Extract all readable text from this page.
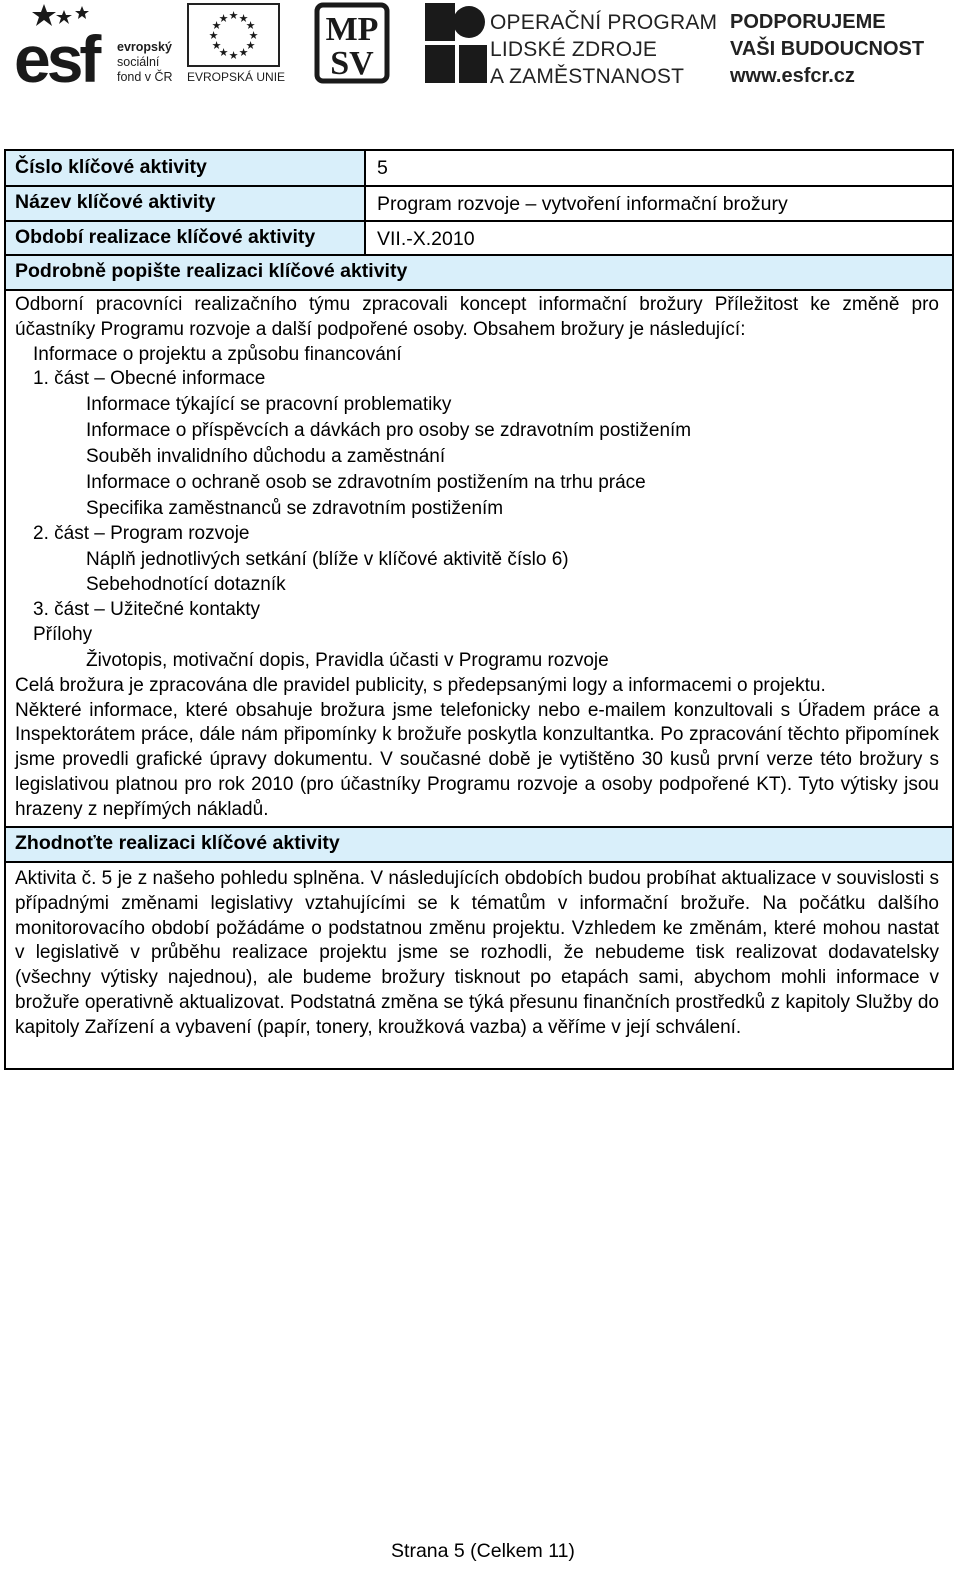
esf	evropský
sociální
fond v ČR
★ ★
★
★
★
★
★
★
★
★
★
★
EVROPSKÁ UNIE
MP
SV
OPERAČNÍ PROGRAM
LIDSKÉ ZDROJE
A ZAMĚSTNANOST
PODPORUJEME
VAŠI BUDOUCNOST
www.esfcr.cz
Číslo klíčové aktivity	5
Název klíčové aktivity	Program rozvoje – vytvoření informační brožury
Období realizace klíčové aktivity	VII.-X.2010
Podrobně popište realizaci klíčové aktivity

Odborní pracovníci realizačního týmu zpracovali koncept informační brožury Příležitost ke změně pro účastníky Programu rozvoje a další podpořené osoby. Obsahem brožury je následující:

Informace o projektu a způsobu financování

1. část – Obecné informace

Informace týkající se pracovní problematiky

Informace o příspěvcích a dávkách pro osoby se zdravotním postižením

Souběh invalidního důchodu a zaměstnání

Informace o ochraně osob se zdravotním postižením na trhu práce

Specifika zaměstnanců se zdravotním postižením

2. část – Program rozvoje

Náplň jednotlivých setkání (blíže v klíčové aktivitě číslo 6)

Sebehodnotící dotazník

3. část – Užitečné kontakty

Přílohy

Životopis, motivační dopis, Pravidla účasti v Programu rozvoje

Celá brožura je zpracována dle pravidel publicity, s předepsanými logy a informacemi o projektu.

Některé informace, které obsahuje brožura jsme telefonicky nebo e-mailem konzultovali s Úřadem práce a Inspektorátem práce, dále nám připomínky k brožuře poskytla konzultantka. Po zpracování těchto připomínek jsme provedli grafické úpravy dokumentu. V současné době je vytištěno 30 kusů první verze této brožury s legislativou platnou pro rok 2010 (pro účastníky Programu rozvoje a osoby podpořené KT). Tyto výtisky jsou hrazeny z nepřímých nákladů.

Zhodnoťte realizaci klíčové aktivity

Aktivita č. 5 je z našeho pohledu splněna. V následujících obdobích budou probíhat aktualizace v souvislosti s případnými změnami legislativy vztahujícími se k tématům v informační brožuře. Na počátku dalšího monitorovacího období požádáme o podstatnou změnu projektu. Vzhledem ke změnám, které mohou nastat v legislativě v průběhu realizace projektu jsme se rozhodli, že nebudeme tisk realizovat dodavatelsky (všechny výtisky najednou), ale budeme brožury tisknout po etapách sami, abychom mohli informace v brožuře operativně aktualizovat. Podstatná změna se týká přesunu finančních prostředků z kapitoly Služby do kapitoly Zařízení a vybavení (papír, tonery, kroužková vazba) a věříme v její schválení.

Strana 5 (Celkem 11)
